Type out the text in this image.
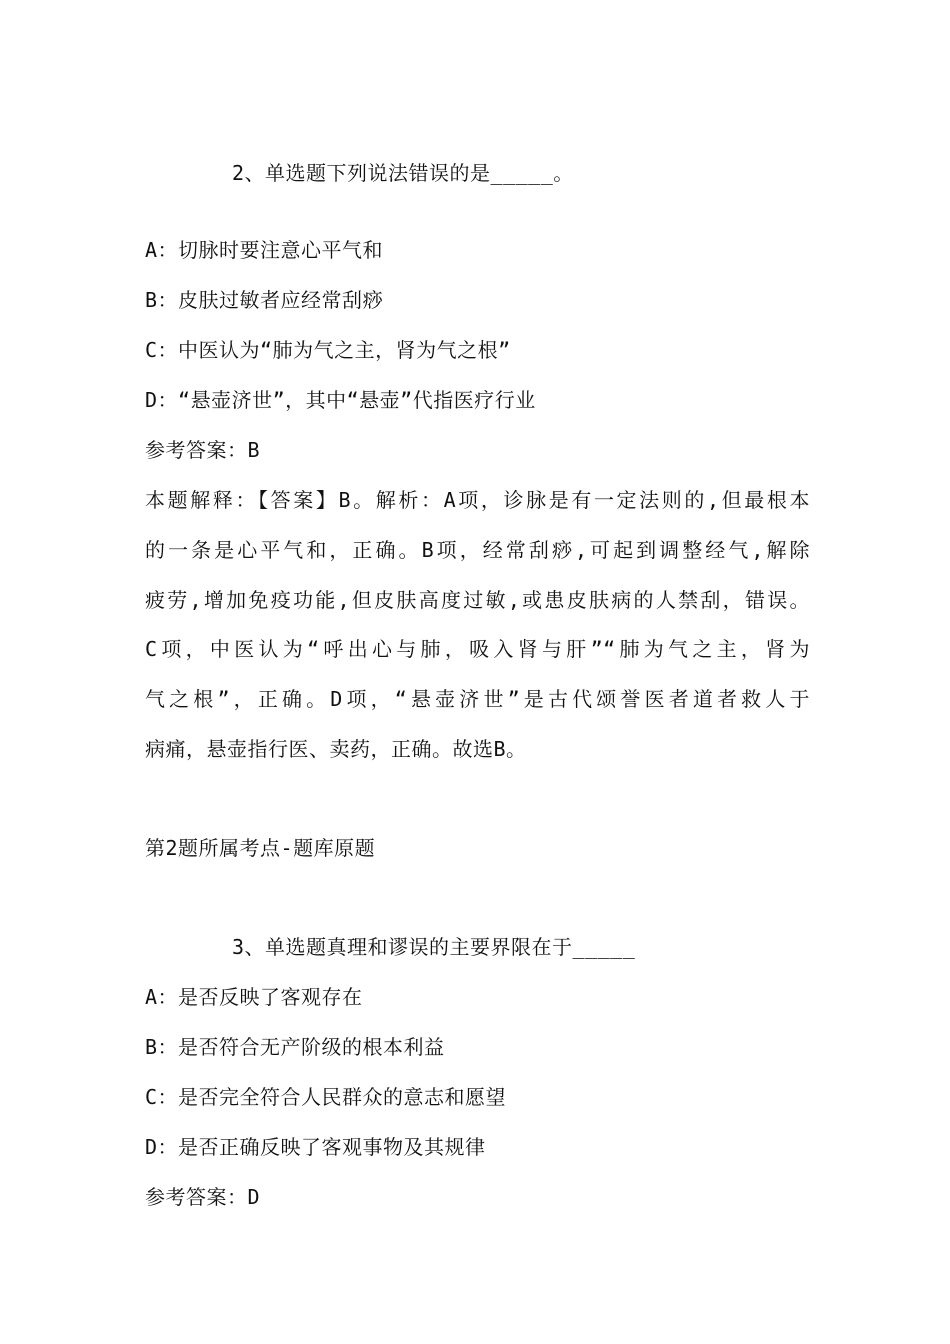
2、单选题下列说法错误的是_____。
A：切脉时要注意心平气和
B：皮肤过敏者应经常刮痧
C：中医认为“肺为气之主，肾为气之根”
D：“悬壶济世”，其中“悬壶”代指医疗行业
参考答案：B
本题解释：【答案】B。解析：A项，诊脉是有一定法则的,但最根本
的一条是心平气和，正确。B项，经常刮痧,可起到调整经气,解除
疲劳,增加免疫功能,但皮肤高度过敏,或患皮肤病的人禁刮，错误。
C项，中医认为“呼出心与肺，吸入肾与肝”“肺为气之主，肾为
气之根”，正确。D项，“悬壶济世”是古代颂誉医者道者救人于
病痛，悬壶指行医、卖药，正确。故选B。
第2题所属考点-题库原题
3、单选题真理和谬误的主要界限在于_____
A：是否反映了客观存在
B：是否符合无产阶级的根本利益
C：是否完全符合人民群众的意志和愿望
D：是否正确反映了客观事物及其规律
参考答案：D
